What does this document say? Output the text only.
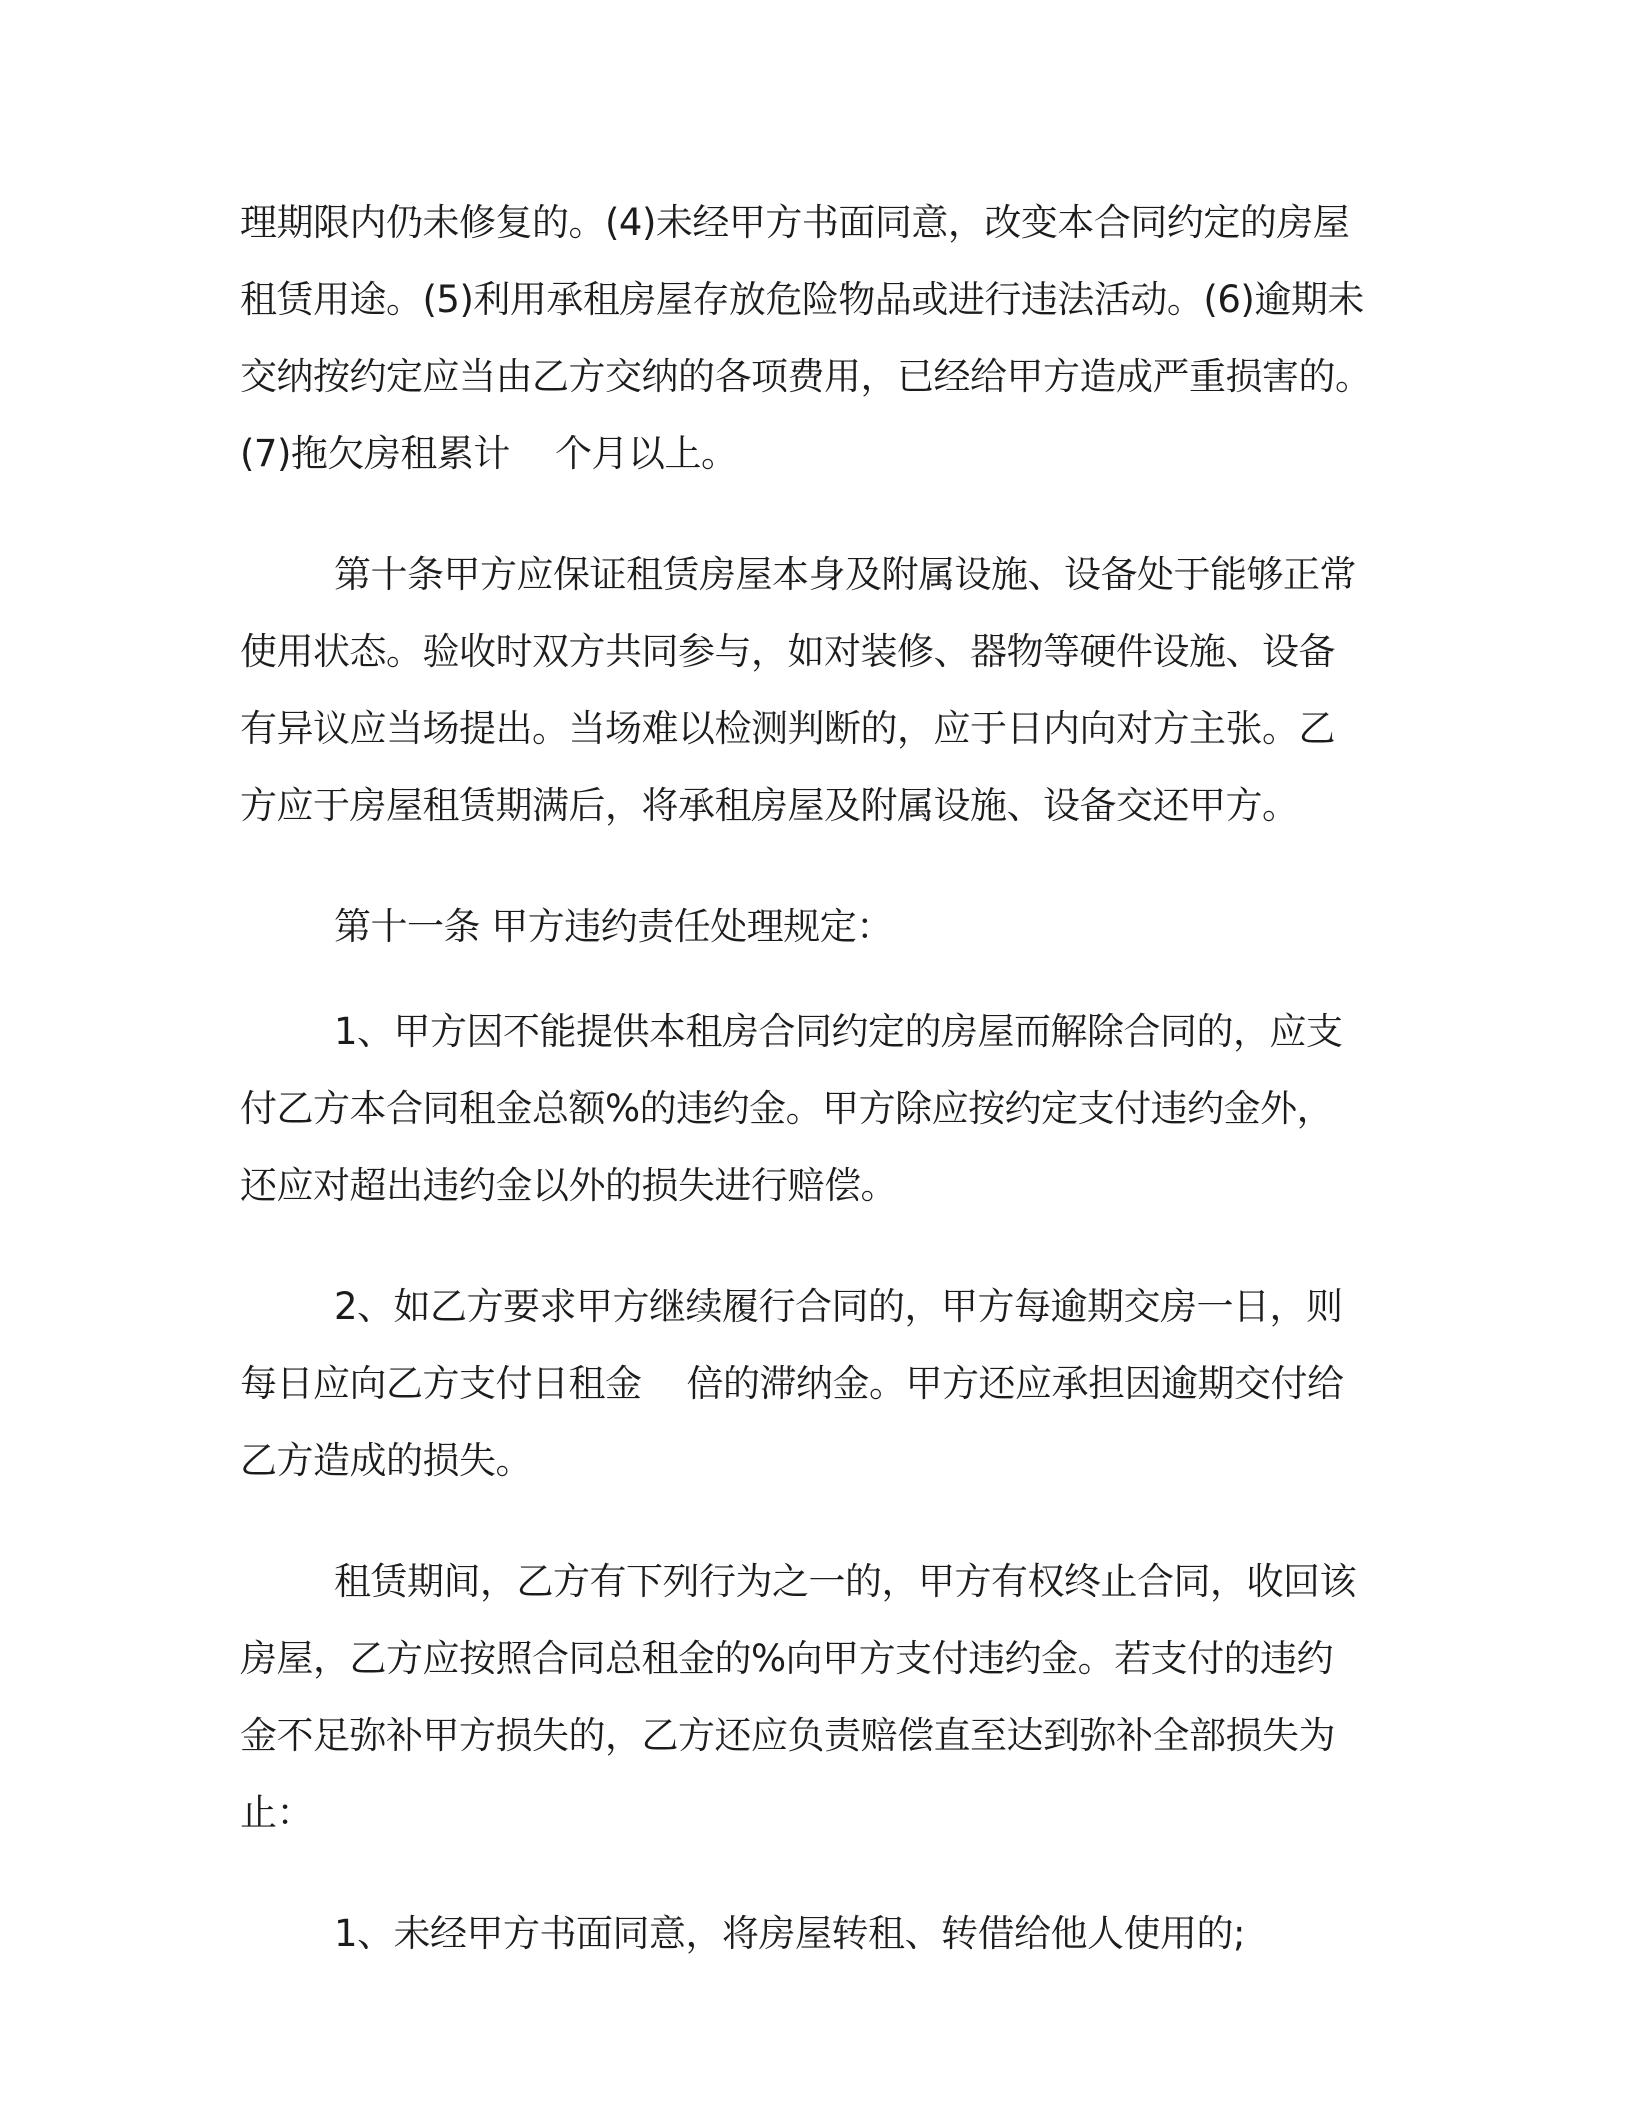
理期限内仍未修复的。(4)未经甲方书面同意，改变本合同约定的房屋
租赁用途。(5)利用承租房屋存放危险物品或进行违法活动。(6)逾期未
交纳按约定应当由乙方交纳的各项费用，已经给甲方造成严重损害的。
(7)拖欠房租累计    个月以上。
第十条甲方应保证租赁房屋本身及附属设施、设备处于能够正常
使用状态。验收时双方共同参与，如对装修、器物等硬件设施、设备
有异议应当场提出。当场难以检测判断的，应于日内向对方主张。乙
方应于房屋租赁期满后，将承租房屋及附属设施、设备交还甲方。
第十一条 甲方违约责任处理规定：
1、甲方因不能提供本租房合同约定的房屋而解除合同的，应支
付乙方本合同租金总额%的违约金。甲方除应按约定支付违约金外，
还应对超出违约金以外的损失进行赔偿。
2、如乙方要求甲方继续履行合同的，甲方每逾期交房一日，则
每日应向乙方支付日租金    倍的滞纳金。甲方还应承担因逾期交付给
乙方造成的损失。
租赁期间，乙方有下列行为之一的，甲方有权终止合同，收回该
房屋，乙方应按照合同总租金的%向甲方支付违约金。若支付的违约
金不足弥补甲方损失的，乙方还应负责赔偿直至达到弥补全部损失为
止：
1、未经甲方书面同意，将房屋转租、转借给他人使用的;
